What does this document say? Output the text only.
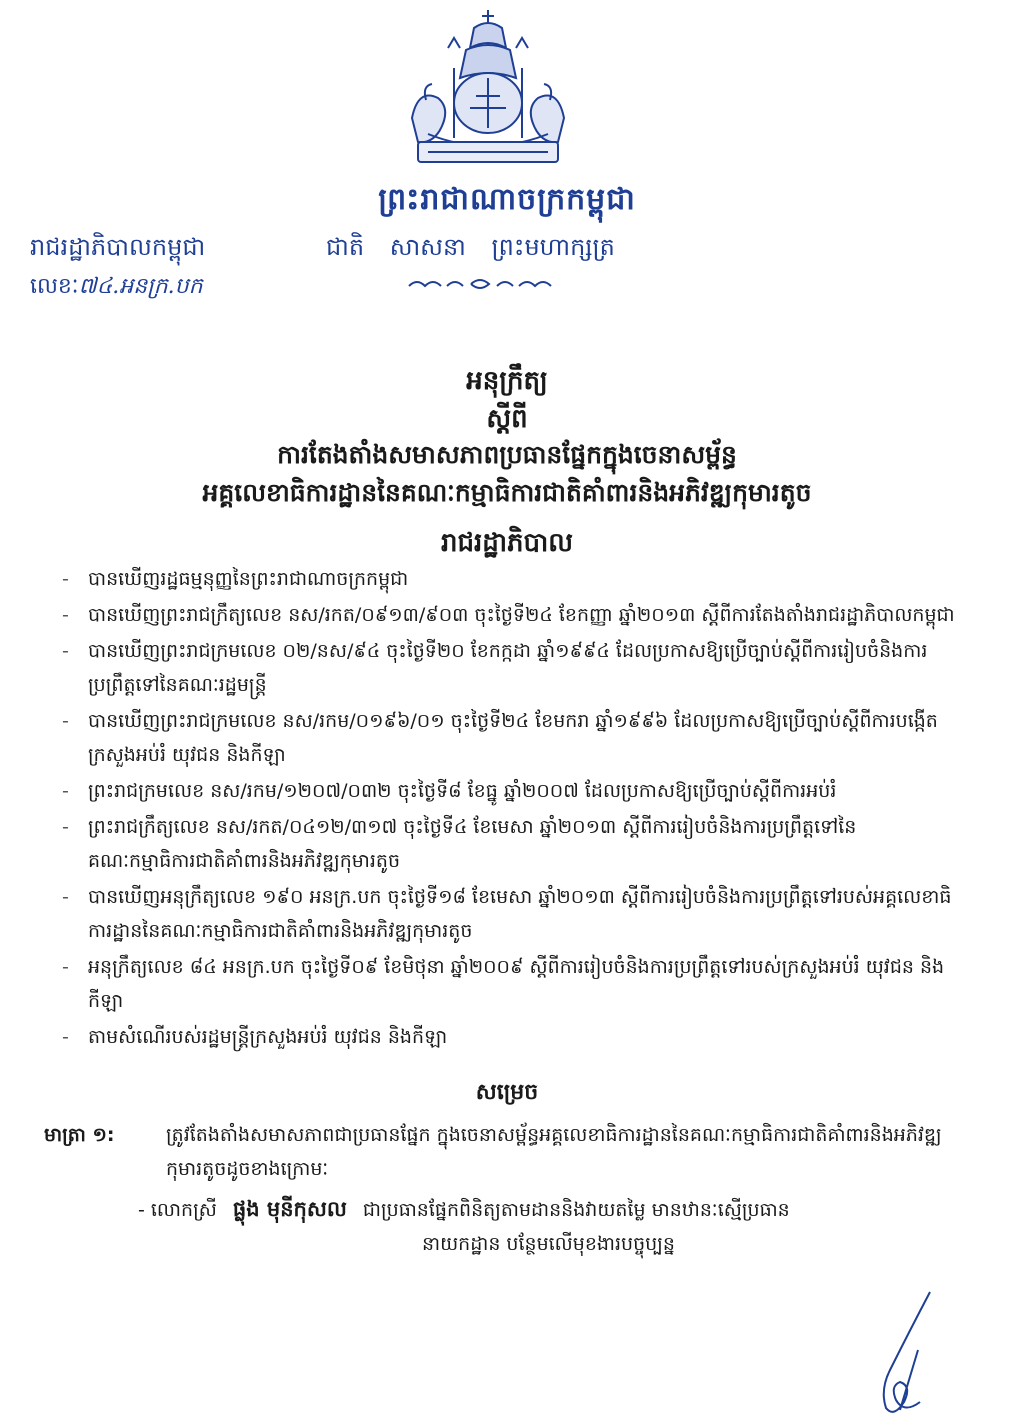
ព្រះរាជាណាចក្រកម្ពុជា
រាជរដ្ឋាភិបាលកម្ពុជា	ជាតិ សាសនា ព្រះមហាក្សត្រ
លេខៈ៧៤.អនក្រ.បក
អនុក្រឹត្យ
ស្តីពី
ការតែងតាំងសមាសភាពប្រធានផ្នែកក្នុងចេនាសម្ព័ន្ធ
អគ្គលេខាធិការដ្ឋាននៃគណៈកម្មាធិការជាតិគាំពារនិងអភិវឌ្ឍកុមារតូច
រាជរដ្ឋាភិបាល
- បានឃើញរដ្ឋធម្មនុញ្ញនៃព្រះរាជាណាចក្រកម្ពុជា
- បានឃើញព្រះរាជក្រឹត្យលេខ នស/រកត/០៩១៣/៩០៣ ចុះថ្ងៃទី២៤ ខែកញ្ញា ឆ្នាំ២០១៣ ស្តីពីការតែងតាំងរាជរដ្ឋាភិបាលកម្ពុជា
- បានឃើញព្រះរាជក្រមលេខ ០២/នស/៩៤ ចុះថ្ងៃទី២០ ខែកក្កដា ឆ្នាំ១៩៩៤ ដែលប្រកាសឱ្យប្រើច្បាប់ស្តីពីការរៀបចំនិងការប្រព្រឹត្តទៅនៃគណៈរដ្ឋមន្ត្រី
- បានឃើញព្រះរាជក្រមលេខ នស/រកម/០១៩៦/០១ ចុះថ្ងៃទី២៤ ខែមករា ឆ្នាំ១៩៩៦ ដែលប្រកាសឱ្យប្រើច្បាប់ស្តីពីការបង្កើតក្រសួងអប់រំ យុវជន និងកីឡា
- ព្រះរាជក្រមលេខ នស/រកម/១២០៧/០៣២ ចុះថ្ងៃទី៨ ខែធ្នូ ឆ្នាំ២០០៧ ដែលប្រកាសឱ្យប្រើច្បាប់ស្តីពីការអប់រំ
- ព្រះរាជក្រឹត្យលេខ នស/រកត/០៤១២/៣១៧ ចុះថ្ងៃទី៤ ខែមេសា ឆ្នាំ២០១៣ ស្តីពីការរៀបចំនិងការប្រព្រឹត្តទៅនៃគណៈកម្មាធិការជាតិគាំពារនិងអភិវឌ្ឍកុមារតូច
- បានឃើញអនុក្រឹត្យលេខ ១៩០ អនក្រ.បក ចុះថ្ងៃទី១៨ ខែមេសា ឆ្នាំ២០១៣ ស្តីពីការរៀបចំនិងការប្រព្រឹត្តទៅរបស់អគ្គលេខាធិការដ្ឋាននៃគណៈកម្មាធិការជាតិគាំពារនិងអភិវឌ្ឍកុមារតូច
- អនុក្រឹត្យលេខ ៨៤ អនក្រ.បក ចុះថ្ងៃទី០៩ ខែមិថុនា ឆ្នាំ២០០៩ ស្តីពីការរៀបចំនិងការប្រព្រឹត្តទៅរបស់ក្រសួងអប់រំ យុវជន និងកីឡា
- តាមសំណើរបស់រដ្ឋមន្ត្រីក្រសួងអប់រំ យុវជន និងកីឡា
សម្រេច
មាត្រា ១:	ត្រូវតែងតាំងសមាសភាពជាប្រធានផ្នែក ក្នុងចេនាសម្ព័ន្ធអគ្គលេខាធិការដ្ឋាននៃគណៈកម្មាធិការជាតិគាំពារនិងអភិវឌ្ឍកុមារតូចដូចខាងក្រោមៈ
- លោកស្រី ផ្លុង មុនីកុសល ជាប្រធានផ្នែកពិនិត្យតាមដាននិងវាយតម្លៃ មានឋានៈស្មើប្រធាន
នាយកដ្ឋាន បន្ថែមលើមុខងារបច្ចុប្បន្ន
